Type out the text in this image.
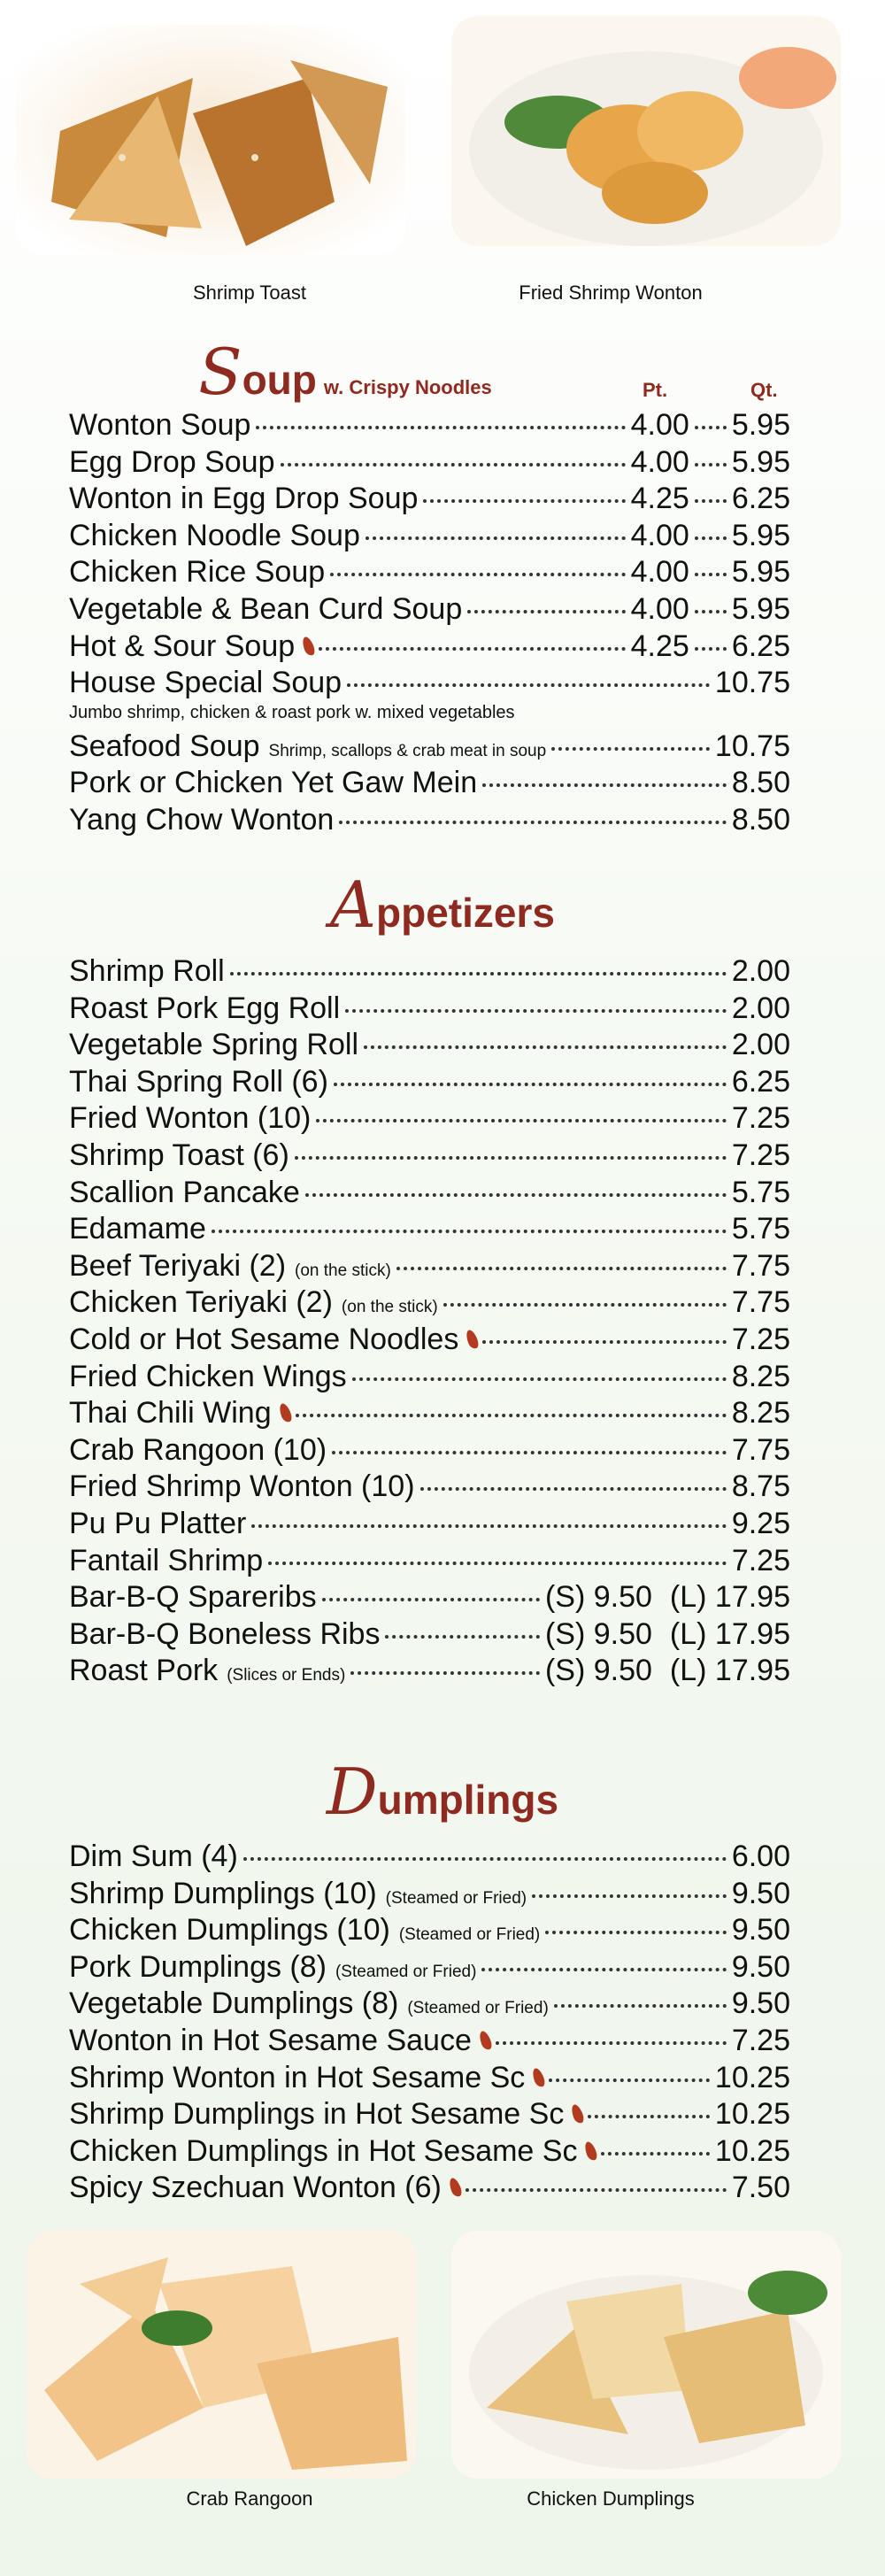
Shrimp Toast	Fried Shrimp Wonton
Soup w. Crispy Noodles	Pt.	Qt.
Wonton Soup	4.00 5.95
Egg Drop Soup	4.00 5.95
Wonton in Egg Drop Soup	4.25 6.25
Chicken Noodle Soup	4.00 5.95
Chicken Rice Soup	4.00 5.95
Vegetable & Bean Curd Soup	4.00 5.95
Hot & Sour Soup	4.25 6.25
House Special Soup	10.75
Jumbo shrimp, chicken & roast pork w. mixed vegetables
Seafood Soup Shrimp, scallops & crab meat in soup	10.75
Pork or Chicken Yet Gaw Mein	8.50
Yang Chow Wonton	8.50
Appetizers
Shrimp Roll	2.00
Roast Pork Egg Roll	2.00
Vegetable Spring Roll	2.00
Thai Spring Roll (6)	6.25
Fried Wonton (10)	7.25
Shrimp Toast (6)	7.25
Scallion Pancake	5.75
Edamame	5.75
Beef Teriyaki (2) (on the stick)	7.75
Chicken Teriyaki (2) (on the stick)	7.75
Cold or Hot Sesame Noodles	7.25
Fried Chicken Wings	8.25
Thai Chili Wing	8.25
Crab Rangoon (10)	7.75
Fried Shrimp Wonton (10)	8.75
Pu Pu Platter	9.25
Fantail Shrimp	7.25
Bar-B-Q Spareribs	(S) 9.50 (L) 17.95
Bar-B-Q Boneless Ribs	(S) 9.50 (L) 17.95
Roast Pork (Slices or Ends)	(S) 9.50 (L) 17.95
Dumplings
Dim Sum (4)	6.00
Shrimp Dumplings (10) (Steamed or Fried)	9.50
Chicken Dumplings (10) (Steamed or Fried)	9.50
Pork Dumplings (8) (Steamed or Fried)	9.50
Vegetable Dumplings (8) (Steamed or Fried)	9.50
Wonton in Hot Sesame Sauce	7.25
Shrimp Wonton in Hot Sesame Sc	10.25
Shrimp Dumplings in Hot Sesame Sc	10.25
Chicken Dumplings in Hot Sesame Sc	10.25
Spicy Szechuan Wonton (6)	7.50
Crab Rangoon	Chicken Dumplings
